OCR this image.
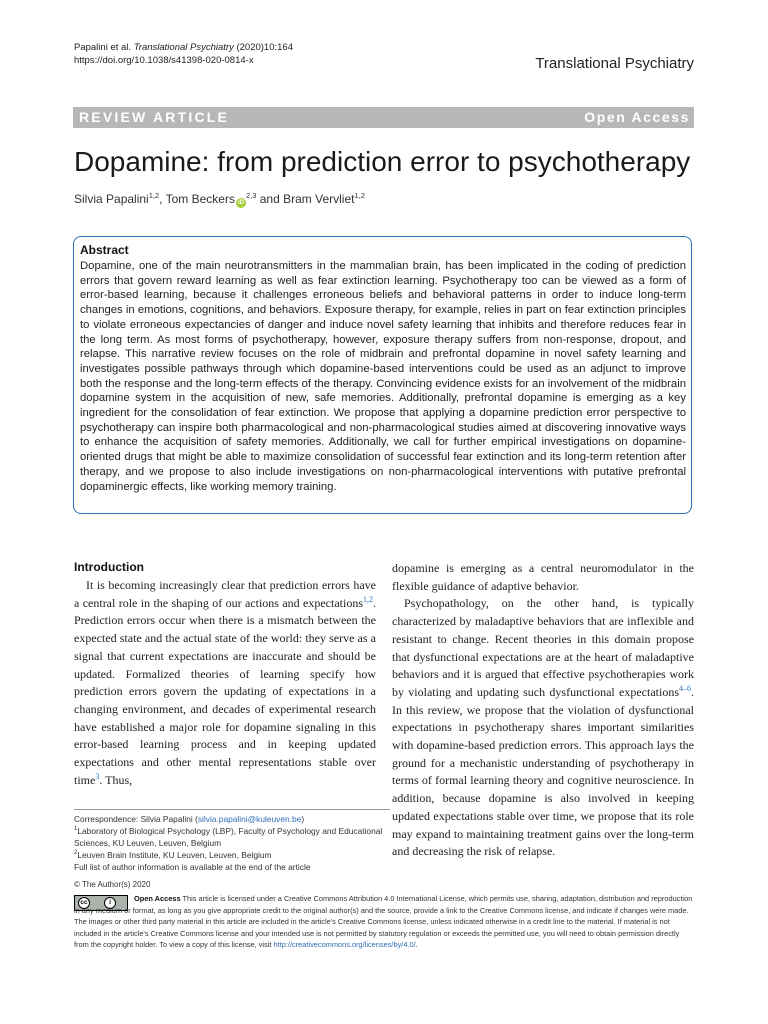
Papalini et al. Translational Psychiatry (2020)10:164
https://doi.org/10.1038/s41398-020-0814-x	Translational Psychiatry
REVIEW ARTICLE	Open Access
Dopamine: from prediction error to psychotherapy
Silvia Papalini$^{1,2}$, Tom Beckers iD$^{2,3}$ and Bram Vervliet$^{1,2}$
Abstract
Dopamine, one of the main neurotransmitters in the mammalian brain, has been implicated in the coding of prediction errors that govern reward learning as well as fear extinction learning. Psychotherapy too can be viewed as a form of error-based learning, because it challenges erroneous beliefs and behavioral patterns in order to induce long-term changes in emotions, cognitions, and behaviors. Exposure therapy, for example, relies in part on fear extinction principles to violate erroneous expectancies of danger and induce novel safety learning that inhibits and therefore reduces fear in the long term. As most forms of psychotherapy, however, exposure therapy suffers from non-response, dropout, and relapse. This narrative review focuses on the role of midbrain and prefrontal dopamine in novel safety learning and investigates possible pathways through which dopamine-based interventions could be used as an adjunct to improve both the response and the long-term effects of the therapy. Convincing evidence exists for an involvement of the midbrain dopamine system in the acquisition of new, safe memories. Additionally, prefrontal dopamine is emerging as a key ingredient for the consolidation of fear extinction. We propose that applying a dopamine prediction error perspective to psychotherapy can inspire both pharmacological and non-pharmacological studies aimed at discovering innovative ways to enhance the acquisition of safety memories. Additionally, we call for further empirical investigations on dopamine-oriented drugs that might be able to maximize consolidation of successful fear extinction and its long-term retention after therapy, and we propose to also include investigations on non-pharmacological interventions with putative prefrontal dopaminergic effects, like working memory training.
Introduction

It is becoming increasingly clear that prediction errors have a central role in the shaping of our actions and expectations$^{1,2}$. Prediction errors occur when there is a mismatch between the expected state and the actual state of the world: they serve as a signal that current expectations are inaccurate and should be updated. Formalized theories of learning specify how prediction errors govern the updating of expectations in a changing environment, and decades of experimental research have established a major role for dopamine signaling in this error-based learning process and in keeping updated expectations and other mental representations stable over time$^3$. Thus,

dopamine is emerging as a central neuromodulator in the flexible guidance of adaptive behavior.

Psychopathology, on the other hand, is typically characterized by maladaptive behaviors that are inflexible and resistant to change. Recent theories in this domain propose that dysfunctional expectations are at the heart of maladaptive behaviors and it is argued that effective psychotherapies work by violating and updating such dysfunctional expectations$^{4-6}$. In this review, we propose that the violation of dysfunctional expectations in psychotherapy shares important similarities with dopamine-based prediction errors. This approach lays the ground for a mechanistic understanding of psychotherapy in terms of formal learning theory and cognitive neuroscience. In addition, because dopamine is also involved in keeping updated expectations stable over time, we propose that its role may expand to maintaining treatment gains over the long-term and decreasing the risk of relapse.

Correspondence: Silvia Papalini (silvia.papalini@kuleuven.be)
$^1$Laboratory of Biological Psychology (LBP), Faculty of Psychology and Educational Sciences, KU Leuven, Leuven, Belgium
$^2$Leuven Brain Institute, KU Leuven, Leuven, Belgium
Full list of author information is available at the end of the article
© The Author(s) 2020
cc	i	Open Access This article is licensed under a Creative Commons Attribution 4.0 International License, which permits use, sharing, adaptation, distribution and reproduction in any medium or format, as long as you give appropriate credit to the original author(s) and the source, provide a link to the Creative Commons license, and indicate if changes were made. The images or other third party material in this article are included in the article's Creative Commons license, unless indicated otherwise in a credit line to the material. If material is not included in the article's Creative Commons license and your intended use is not permitted by statutory regulation or exceeds the permitted use, you will need to obtain permission directly from the copyright holder. To view a copy of this license, visit http://creativecommons.org/licenses/by/4.0/.
